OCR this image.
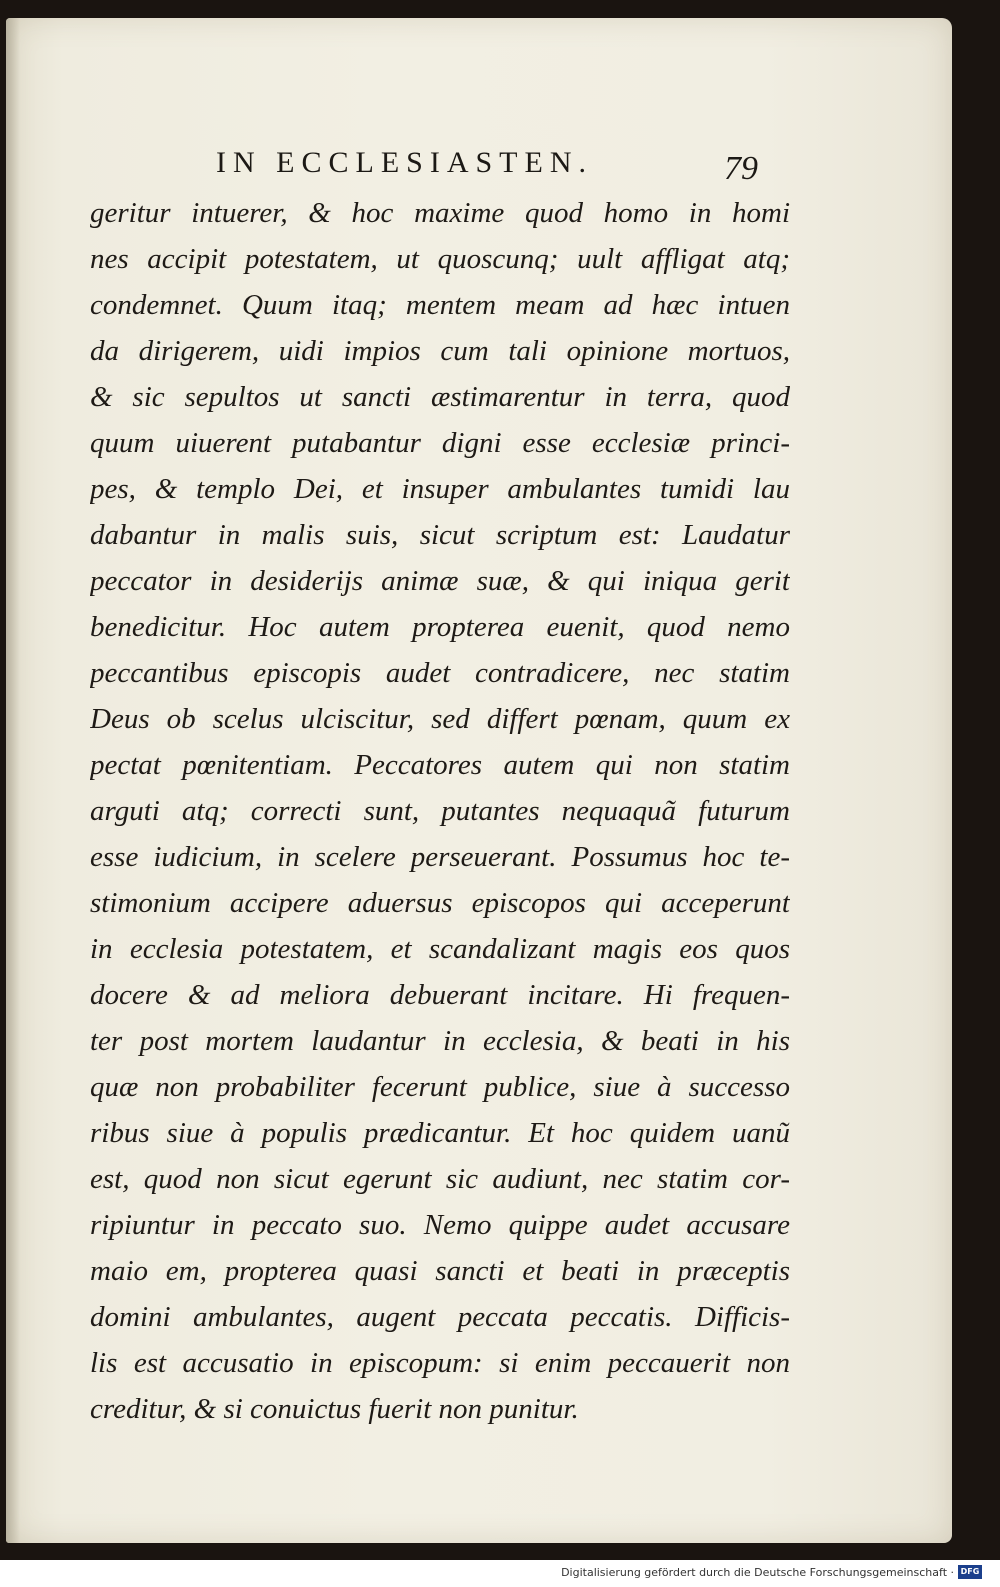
IN ECCLESIASTEN.	79
geritur intuerer, & hoc maxime quod homo in homi
nes accipit potestatem, ut quoscunq; uult affligat atq;
condemnet. Quum itaq; mentem meam ad hæc intuen
da dirigerem, uidi impios cum tali opinione mortuos,
& sic sepultos ut sancti æstimarentur in terra, quod
quum uiuerent putabantur digni esse ecclesiæ princi-
pes, & templo Dei, et insuper ambulantes tumidi lau
dabantur in malis suis, sicut scriptum est: Laudatur
peccator in desiderijs animæ suæ, & qui iniqua gerit
benedicitur. Hoc autem propterea euenit, quod nemo
peccantibus episcopis audet contradicere, nec statim
Deus ob scelus ulciscitur, sed differt pœnam, quum ex
pectat pœnitentiam. Peccatores autem qui non statim
arguti atq; correcti sunt, putantes nequaquã futurum
esse iudicium, in scelere perseuerant. Possumus hoc te-
stimonium accipere aduersus episcopos qui acceperunt
in ecclesia potestatem, et scandalizant magis eos quos
docere & ad meliora debuerant incitare. Hi frequen-
ter post mortem laudantur in ecclesia, & beati in his
quæ non probabiliter fecerunt publice, siue à successo
ribus siue à populis prædicantur. Et hoc quidem uanũ
est, quod non sicut egerunt sic audiunt, nec statim cor-
ripiuntur in peccato suo. Nemo quippe audet accusare
maio em, propterea quasi sancti et beati in præceptis
domini ambulantes, augent peccata peccatis. Difficis-
lis est accusatio in episcopum: si enim peccauerit non
creditur, & si conuictus fuerit non punitur.
Digitalisierung gefördert durch die Deutsche Forschungsgemeinschaft · DFG
